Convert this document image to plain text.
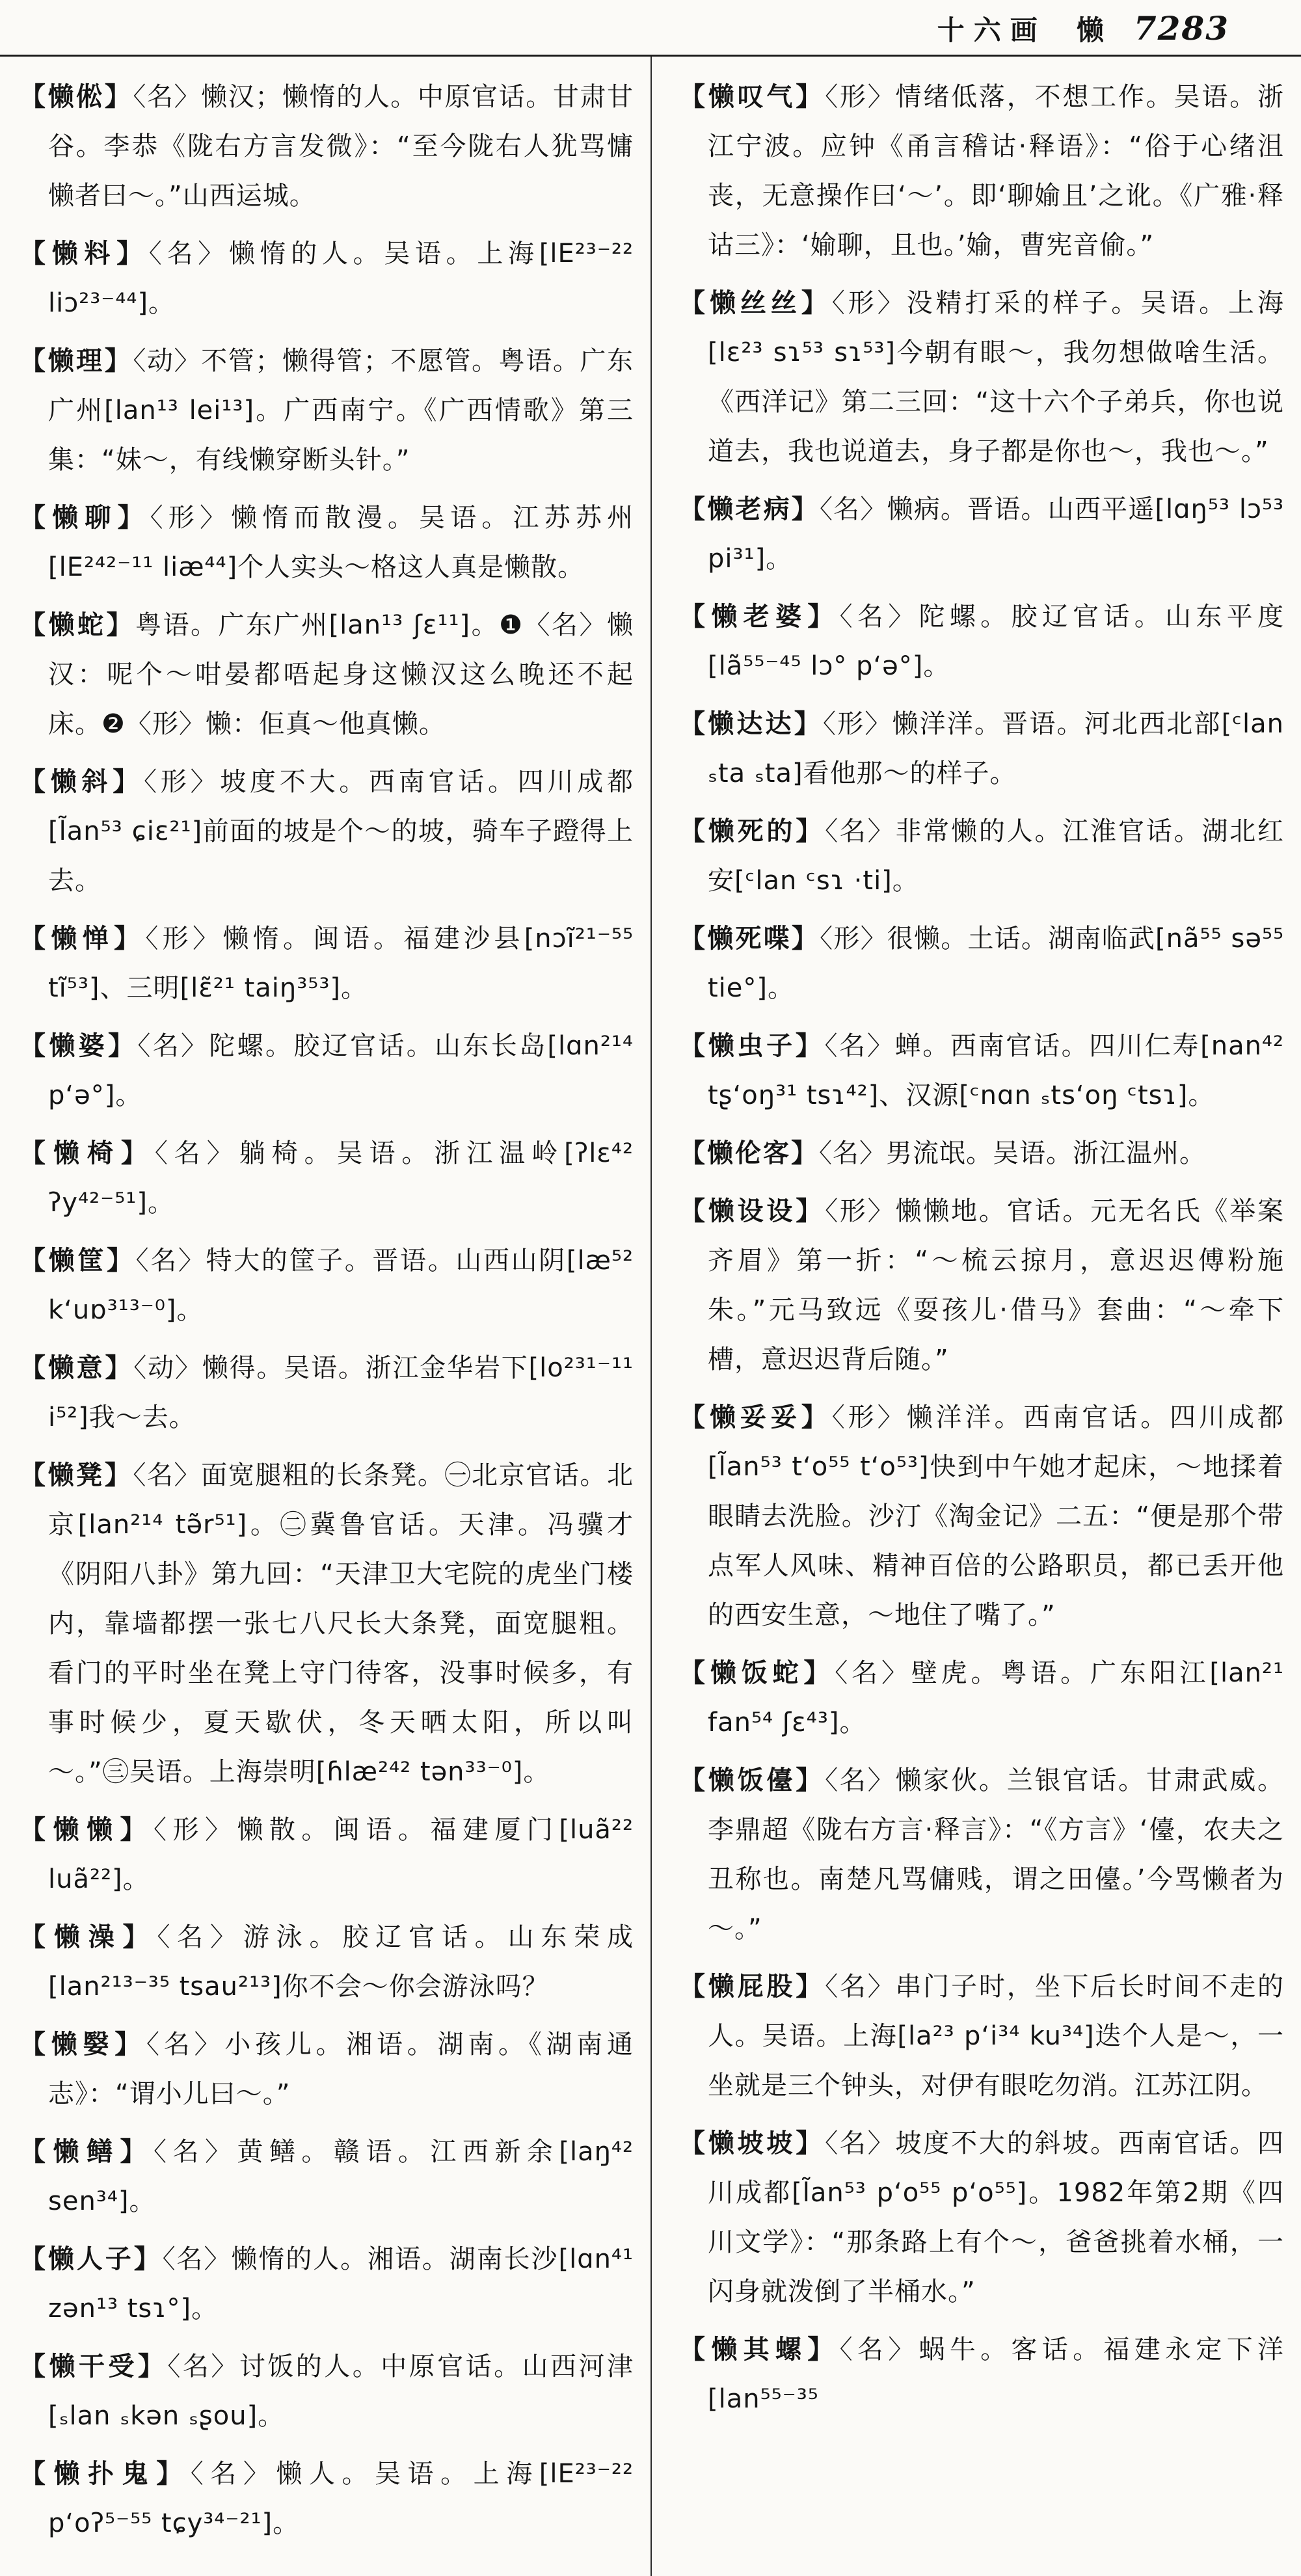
十六画 懒 7283

【懒倯】〈名〉懒汉；懒惰的人。中原官话。甘肃甘谷。李恭《陇右方言发微》：“至今陇右人犹骂慵懒者曰～。”山西运城。

【懒料】〈名〉懒惰的人。吴语。上海[lE²³⁻²² liɔ²³⁻⁴⁴]。

【懒理】〈动〉不管；懒得管；不愿管。粤语。广东广州[lan¹³ lei¹³]。广西南宁。《广西情歌》第三集：“妹～，有线懒穿断头针。”

【懒聊】〈形〉懒惰而散漫。吴语。江苏苏州[lE²⁴²⁻¹¹ liæ⁴⁴]个人实头～格这人真是懒散。

【懒蛇】粤语。广东广州[lan¹³ ʃɛ¹¹]。❶〈名〉懒汉：呢个～咁晏都唔起身这懒汉这么晚还不起床。❷〈形〉懒：佢真～他真懒。

【懒斜】〈形〉坡度不大。西南官话。四川成都[l̃an⁵³ ɕiɛ²¹]前面的坡是个～的坡，骑车子蹬得上去。

【懒惮】〈形〉懒惰。闽语。福建沙县[nɔĩ²¹⁻⁵⁵ tĩ⁵³]、三明[lɛ̃²¹ taiŋ³⁵³]。

【懒婆】〈名〉陀螺。胶辽官话。山东长岛[lɑn²¹⁴ pʻə°]。

【懒椅】〈名〉躺椅。吴语。浙江温岭[ʔlɛ⁴² ʔy⁴²⁻⁵¹]。

【懒筐】〈名〉特大的筐子。晋语。山西山阴[læ⁵² kʻuɒ³¹³⁻⁰]。

【懒意】〈动〉懒得。吴语。浙江金华岩下[lo²³¹⁻¹¹ i⁵²]我～去。

【懒凳】〈名〉面宽腿粗的长条凳。㊀北京官话。北京[lan²¹⁴ tə̃r⁵¹]。㊁冀鲁官话。天津。冯骥才《阴阳八卦》第九回：“天津卫大宅院的虎坐门楼内，靠墙都摆一张七八尺长大条凳，面宽腿粗。看门的平时坐在凳上守门待客，没事时候多，有事时候少，夏天歇伏，冬天晒太阳，所以叫～。”㊂吴语。上海崇明[ɦlæ²⁴² tən³³⁻⁰]。

【懒懒】〈形〉懒散。闽语。福建厦门[luã²² luã²²]。

【懒澡】〈名〉游泳。胶辽官话。山东荣成[lan²¹³⁻³⁵ tsau²¹³]你不会～你会游泳吗？

【懒嫛】〈名〉小孩儿。湘语。湖南。《湖南通志》：“谓小儿曰～。”

【懒鳝】〈名〉黄鳝。赣语。江西新余[laŋ⁴² sen³⁴]。

【懒人子】〈名〉懒惰的人。湘语。湖南长沙[lɑn⁴¹ zən¹³ tsɿ°]。

【懒干受】〈名〉讨饭的人。中原官话。山西河津[ₛlan ₛkən ₛʂou]。

【懒扑鬼】〈名〉懒人。吴语。上海[lE²³⁻²² pʻoʔ⁵⁻⁵⁵ tɕy³⁴⁻²¹]。

【懒叹气】〈形〉情绪低落，不想工作。吴语。浙江宁波。应钟《甬言稽诂·释语》：“俗于心绪沮丧，无意操作曰‘～’。即‘聊媮且’之讹。《广雅·释诂三》：‘媮聊，且也。’媮，曹宪音偷。”

【懒丝丝】〈形〉没精打采的样子。吴语。上海[lɛ²³ sɿ⁵³ sɿ⁵³]今朝有眼～，我勿想做啥生活。《西洋记》第二三回：“这十六个子弟兵，你也说道去，我也说道去，身子都是你也～，我也～。”

【懒老病】〈名〉懒病。晋语。山西平遥[lɑŋ⁵³ lɔ⁵³ pi³¹]。

【懒老婆】〈名〉陀螺。胶辽官话。山东平度[lã⁵⁵⁻⁴⁵ lɔ° pʻə°]。

【懒达达】〈形〉懒洋洋。晋语。河北西北部[ᶜlan ₛta ₛta]看他那～的样子。

【懒死的】〈名〉非常懒的人。江淮官话。湖北红安[ᶜlan ᶜsɿ ·ti]。

【懒死喋】〈形〉很懒。土话。湖南临武[nã⁵⁵ sə⁵⁵ tie°]。

【懒虫子】〈名〉蝉。西南官话。四川仁寿[nan⁴² tʂʻoŋ³¹ tsɿ⁴²]、汉源[ᶜnɑn ₛtsʻoŋ ᶜtsɿ]。

【懒伦客】〈名〉男流氓。吴语。浙江温州。

【懒设设】〈形〉懒懒地。官话。元无名氏《举案齐眉》第一折：“～梳云掠月，意迟迟傅粉施朱。”元马致远《耍孩儿·借马》套曲：“～牵下槽，意迟迟背后随。”

【懒妥妥】〈形〉懒洋洋。西南官话。四川成都[l̃an⁵³ tʻo⁵⁵ tʻo⁵³]快到中午她才起床，～地揉着眼睛去洗脸。沙汀《淘金记》二五：“便是那个带点军人风味、精神百倍的公路职员，都已丢开他的西安生意，～地住了嘴了。”

【懒饭蛇】〈名〉壁虎。粤语。广东阳江[lan²¹ fan⁵⁴ ʃɛ⁴³]。

【懒饭儓】〈名〉懒家伙。兰银官话。甘肃武威。李鼎超《陇右方言·释言》：“《方言》‘儓，农夫之丑称也。南楚凡骂傭贱，谓之田儓。’今骂懒者为～。”

【懒屁股】〈名〉串门子时，坐下后长时间不走的人。吴语。上海[la²³ pʻi³⁴ ku³⁴]迭个人是～，一坐就是三个钟头，对伊有眼吃勿消。江苏江阴。

【懒坡坡】〈名〉坡度不大的斜坡。西南官话。四川成都[l̃an⁵³ pʻo⁵⁵ pʻo⁵⁵]。1982年第2期《四川文学》：“那条路上有个～，爸爸挑着水桶，一闪身就泼倒了半桶水。”

【懒其螺】〈名〉蜗牛。客话。福建永定下洋[lan⁵⁵⁻³⁵
